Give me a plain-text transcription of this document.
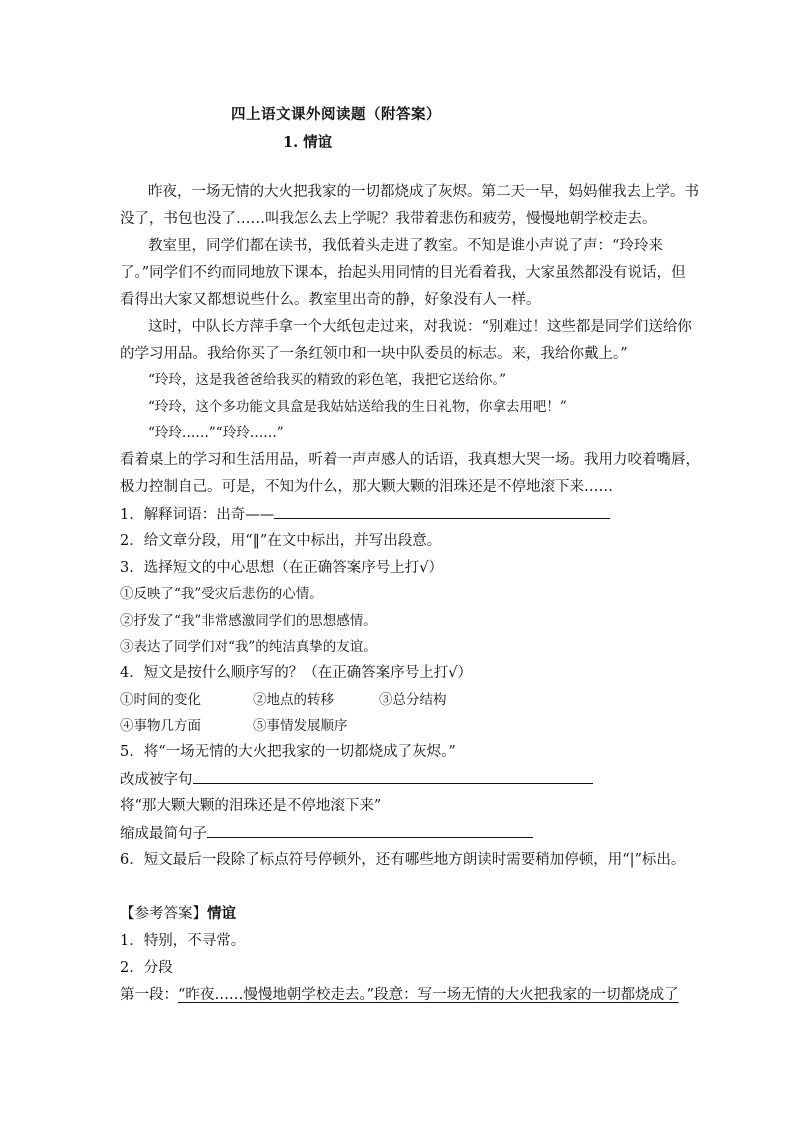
四上语文课外阅读题（附答案）
1. 情谊
昨夜，一场无情的大火把我家的一切都烧成了灰烬。第二天一早，妈妈催我去上学。书
没了，书包也没了……叫我怎么去上学呢？我带着悲伤和疲劳，慢慢地朝学校走去。
教室里，同学们都在读书，我低着头走进了教室。不知是谁小声说了声：“玲玲来
了。”同学们不约而同地放下课本，抬起头用同情的目光看着我，大家虽然都没有说话，但
看得出大家又都想说些什么。教室里出奇的静，好象没有人一样。
这时，中队长方萍手拿一个大纸包走过来，对我说：“别难过！这些都是同学们送给你
的学习用品。我给你买了一条红领巾和一块中队委员的标志。来，我给你戴上。”
“玲玲，这是我爸爸给我买的精致的彩色笔，我把它送给你。”
“玲玲，这个多功能文具盒是我姑姑送给我的生日礼物，你拿去用吧！”
“玲玲……”“玲玲……”
看着桌上的学习和生活用品，听着一声声感人的话语，我真想大哭一场。我用力咬着嘴唇，
极力控制自己。可是，不知为什么，那大颗大颗的泪珠还是不停地滚下来……
1．解释词语：出奇——
2．给文章分段，用“‖”在文中标出，并写出段意。
3．选择短文的中心思想（在正确答案序号上打√）
①反映了“我”受灾后悲伤的心情。
②抒发了“我”非常感激同学们的思想感情。
③表达了同学们对“我”的纯洁真挚的友谊。
4．短文是按什么顺序写的？（在正确答案序号上打√）
①时间的变化	②地点的转移	③总分结构
④事物几方面	⑤事情发展顺序
5．将“一场无情的大火把我家的一切都烧成了灰烬。”
改成被字句
将“那大颗大颗的泪珠还是不停地滚下来”
缩成最简句子
6．短文最后一段除了标点符号停顿外，还有哪些地方朗读时需要稍加停顿，用“|”标出。
【参考答案】情谊
1．特别，不寻常。
2．分段
第一段：“昨夜……慢慢地朝学校走去。”段意：写一场无情的大火把我家的一切都烧成了
